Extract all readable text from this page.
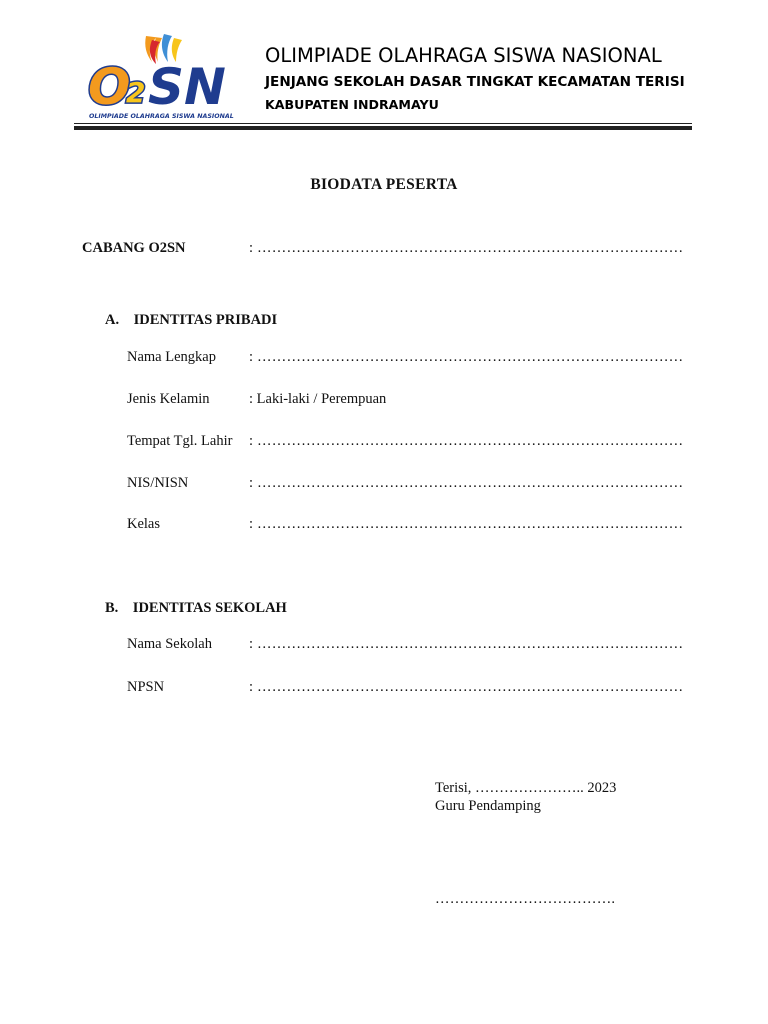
O
2 SN
OLIMPIADE OLAHRAGA SISWA NASIONAL
OLIMPIADE OLAHRAGA SISWA NASIONAL
JENJANG SEKOLAH DASAR TINGKAT KECAMATAN TERISI
KABUPATEN INDRAMAYU
BIODATA PESERTA
CABANG O2SN	: ……………………………………………………………………………
A. IDENTITAS PRIBADI
Nama Lengkap : ……………………………………………………………………………
Jenis Kelamin	: Laki-laki / Perempuan
Tempat Tgl. Lahir : ……………………………………………………………………………
NIS/NISN	: ……………………………………………………………………………
Kelas	: ……………………………………………………………………………
B. IDENTITAS SEKOLAH
Nama Sekolah	: ……………………………………………………………………………
NPSN	: ……………………………………………………………………………
Terisi, ………………….. 2023
Guru Pendamping
……………………………….
